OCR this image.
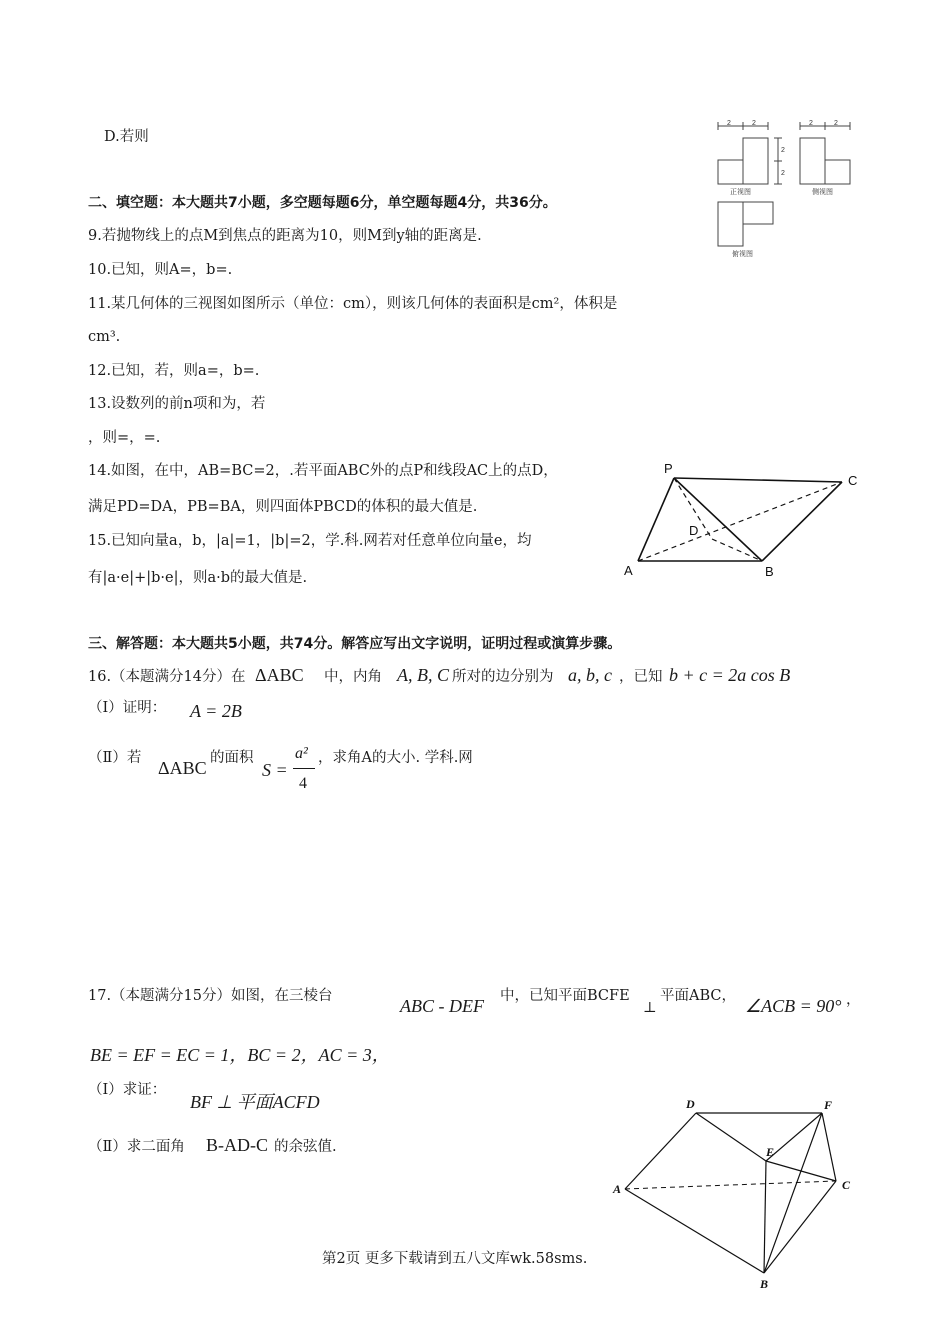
D.若则
2	2	2	2
2
2
正视图	侧视图
俯视图
二、填空题：本大题共7小题，多空题每题6分，单空题每题4分，共36分。
9.若抛物线上的点M到焦点的距离为10，则M到y轴的距离是.
10.已知，则A=，b=.
11.某几何体的三视图如图所示（单位：cm），则该几何体的表面积是cm²，体积是
cm³.
12.已知，若，则a=，b=.
13.设数列的前n项和为，若
，则=，=.
14.如图，在中，AB=BC=2，.若平面ABC外的点P和线段AC上的点D，
满足PD=DA，PB=BA，则四面体PBCD的体积的最大值是.
15.已知向量a，b，|a|=1，|b|=2，学.科.网若对任意单位向量e，均
有|a·e|+|b·e|，则a·b的最大值是.
P
C
D
A	B
三、解答题：本大题共5小题，共74分。解答应写出文字说明，证明过程或演算步骤。
16.（本题满分14分）在 ΔABC 中，内角 A, B, C 所对的边分别为 a, b, c ，已知 b + c = 2a cos B
（Ⅰ）证明： A = 2B
（Ⅱ）若 ΔABC 的面积
S =
a²
4
，求角A的大小. 学科.网
17.（本题满分15分）如图，在三棱台	ABC - DEF 中，已知平面BCFE
⊥
平面ABC， ∠ACB = 90° ，
BE = EF = EC = 1，BC = 2，AC = 3，
（Ⅰ）求证：
BF ⊥ 平面ACFD
（Ⅱ）求二面角 B-AD-C 的余弦值.
D	F
E
A	C
B
第2页 更多下载请到五八文库wk.58sms.
